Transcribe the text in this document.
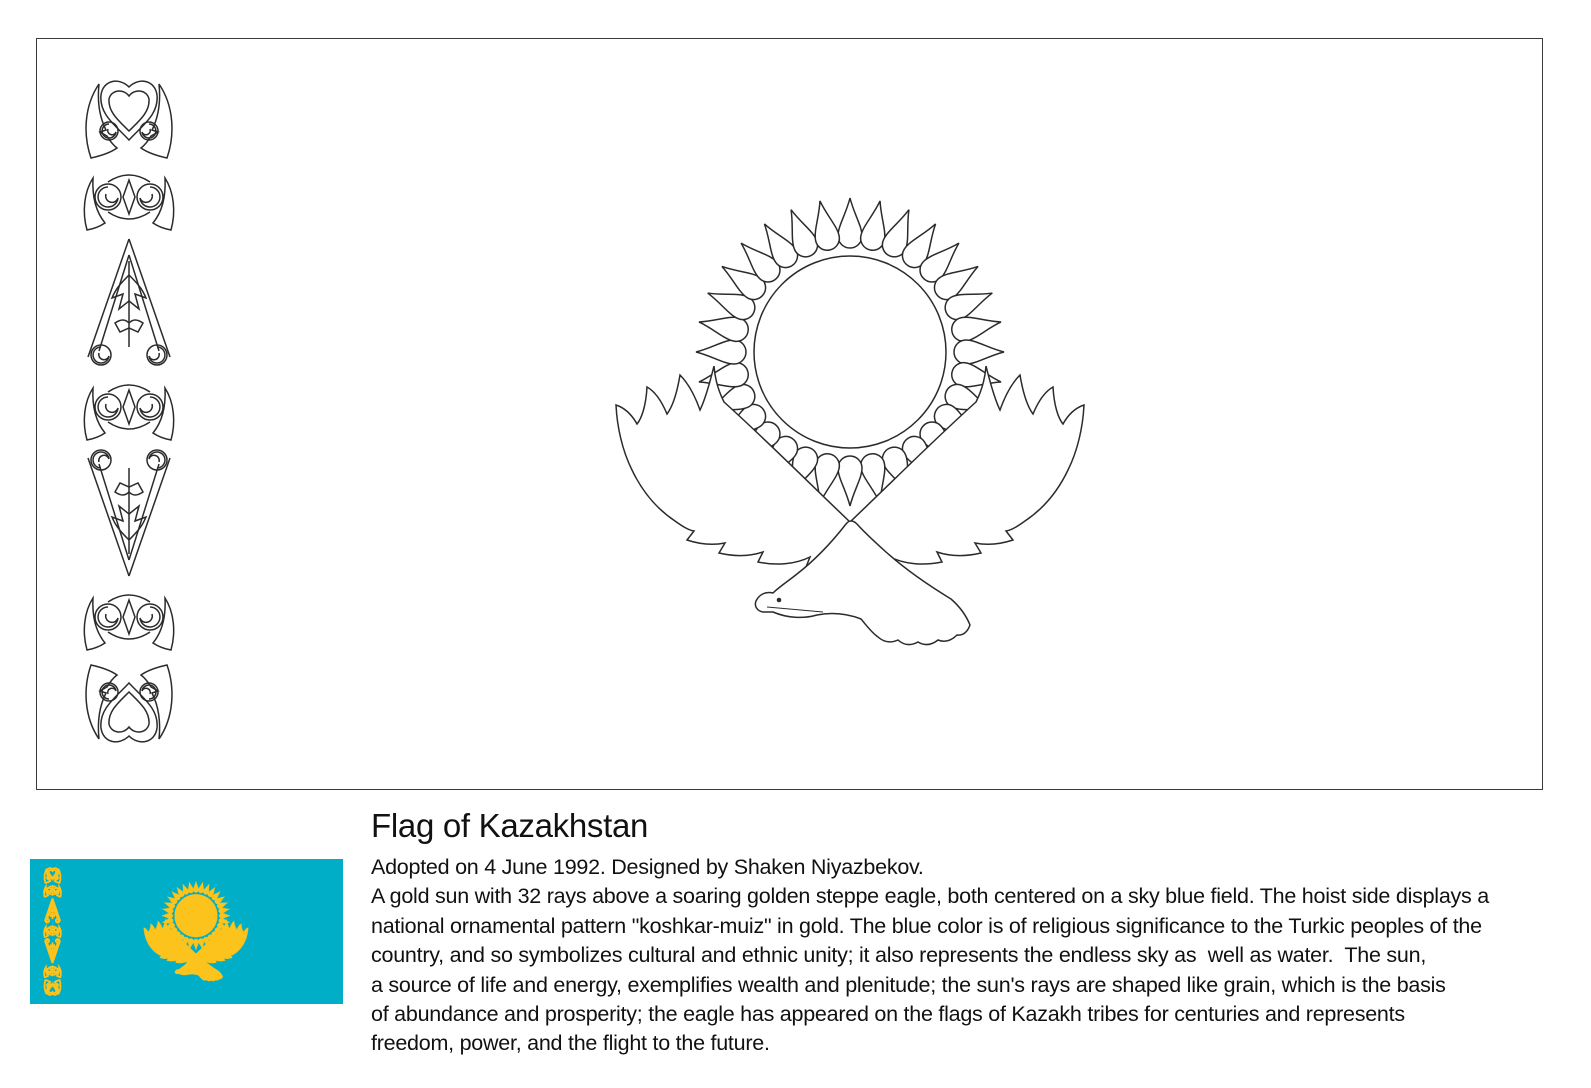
Flag of Kazakhstan
Adopted on 4 June 1992. Designed by Shaken Niyazbekov.
A gold sun with 32 rays above a soaring golden steppe eagle, both centered on a sky blue field. The hoist side displays a
national ornamental pattern "koshkar-muiz" in gold. The blue color is of religious significance to the Turkic peoples of the
country, and so symbolizes cultural and ethnic unity; it also represents the endless sky as  well as water.  The sun,
a source of life and energy, exemplifies wealth and plenitude; the sun's rays are shaped like grain, which is the basis
of abundance and prosperity; the eagle has appeared on the flags of Kazakh tribes for centuries and represents
freedom, power, and the flight to the future.
